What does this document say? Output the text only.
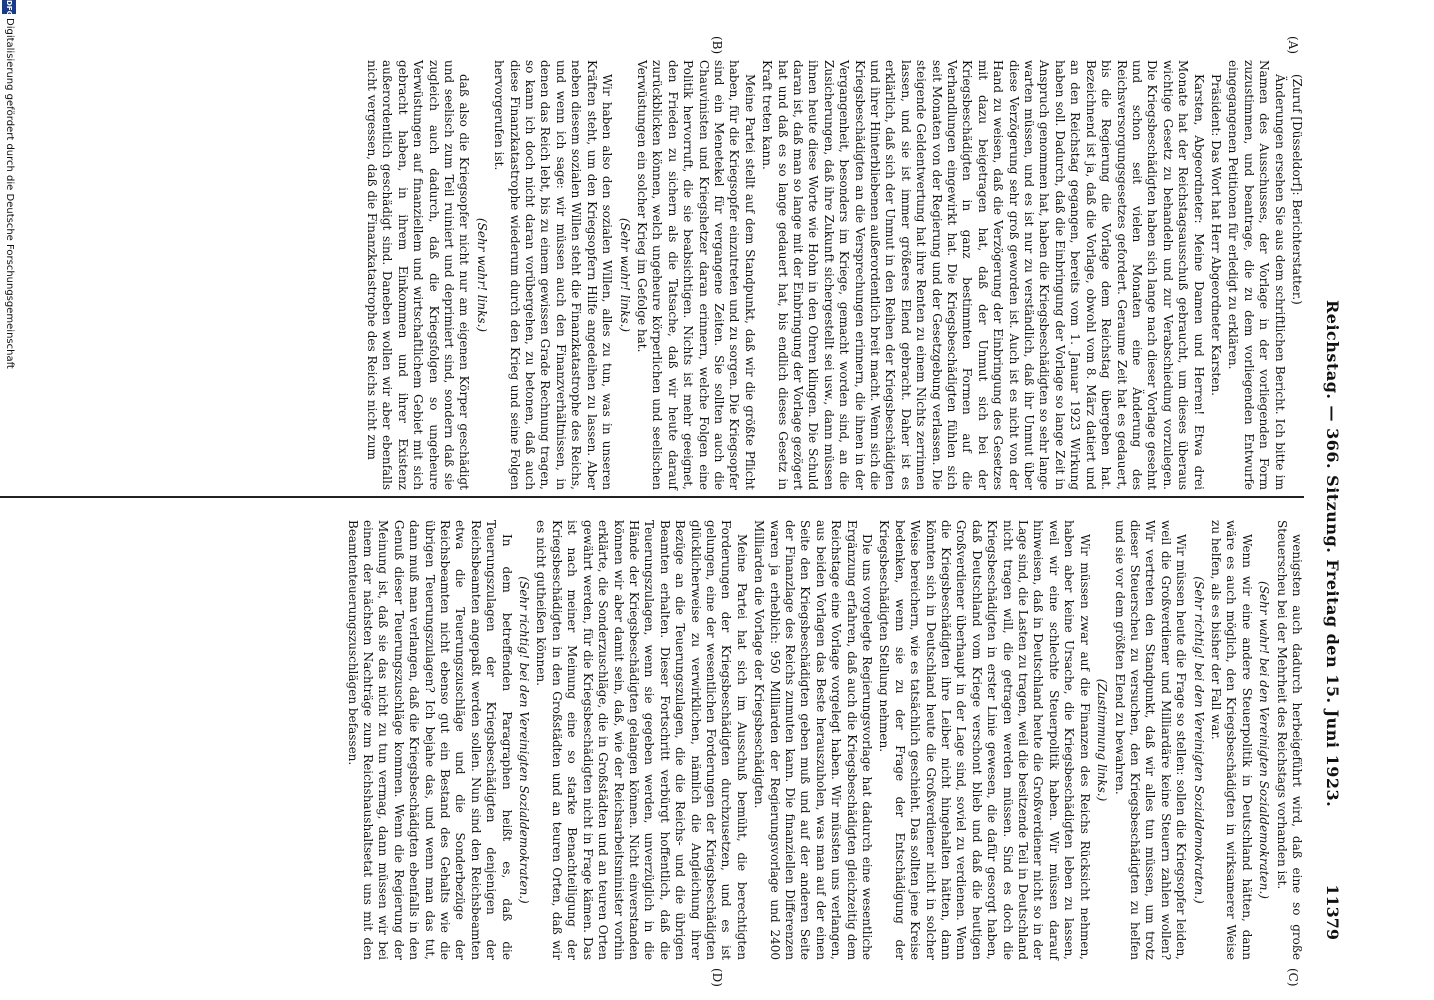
Reichstag. — 366. Sitzung. Freitag den 15. Juni 1923.
11379
(A)
(B)
(C)
(D)

(Zuruf [Düsseldorf]: Berichterstatter.)

Änderungen ersehen Sie aus dem schriftlichen Bericht. Ich bitte im Namen des Ausschusses, der Vorlage in der vorliegenden Form zuzustimmen, und beantrage, die zu dem vorliegenden Entwurfe eingegangenen Petitionen für erledigt zu erklären.

Präsident: Das Wort hat Herr Abgeordneter Karsten.

Karsten, Abgeordneter: Meine Damen und Herren! Etwa drei Monate hat der Reichstagsausschuß gebraucht, um dieses überaus wichtige Gesetz zu behandeln und zur Verabschiedung vorzulegen. Die Kriegsbeschädigten haben sich lange nach dieser Vorlage gesehnt und schon seit vielen Monaten eine Änderung des Reichsversorgungsgesetzes gefordert. Geraume Zeit hat es gedauert, bis die Regierung die Vorlage dem Reichstag übergeben hat. Bezeichnend ist ja, daß die Vorlage, obwohl vom 8. März datiert und an den Reichstag gegangen, bereits vom 1. Januar 1923 Wirkung haben soll. Dadurch, daß die Einbringung der Vorlage so lange Zeit in Anspruch genommen hat, haben die Kriegsbeschädigten so sehr lange warten müssen, und es ist nur zu verständlich, daß ihr Unmut über diese Verzögerung sehr groß geworden ist. Auch ist es nicht von der Hand zu weisen, daß die Verzögerung der Einbringung des Gesetzes mit dazu beigetragen hat, daß der Unmut sich bei der Kriegsbeschädigten in ganz bestimmten Formen auf die Verhandlungen eingewirkt hat. Die Kriegsbeschädigten fühlen sich seit Monaten von der Regierung und der Gesetzgebung verlassen. Die steigende Geldentwertung hat ihre Renten zu einem Nichts zerrinnen lassen, und sie ist immer größeres Elend gebracht. Daher ist es erklärlich, daß sich der Unmut in den Reihen der Kriegsbeschädigten und ihrer Hinterbliebenen außerordentlich breit macht. Wenn sich die Kriegsbeschädigten an die Versprechungen erinnern, die ihnen in der Vergangenheit, besonders im Kriege, gemacht worden sind, an die Zusicherungen, daß ihre Zukunft sichergestellt sei usw., dann müssen ihnen heute diese Worte wie Hohn in den Ohren klingen. Die Schuld daran ist, daß man so lange mit der Einbringung der Vorlage gezögert hat und daß es so lange gedauert hat, bis endlich dieses Gesetz in Kraft treten kann.

Meine Partei stellt auf dem Standpunkt, daß wir die größte Pflicht haben, für die Kriegsopfer einzutreten und zu sorgen. Die Kriegsopfer sind ein Menetekel für vergangene Zeiten. Sie sollten auch die Chauvinisten und Kriegshetzer daran erinnern, welche Folgen eine Politik hervorruft, die sie beabsichtigen. Nichts ist mehr geeignet, den Frieden zu sichern als die Tatsache, daß wir heute darauf zurückblicken können, welch ungeheure körperlichen und seelischen Verwüstungen ein solcher Krieg im Gefolge hat.

(Sehr wahr! links.)

Wir haben also den sozialen Willen, alles zu tun, was in unseren Kräften steht, um den Kriegsopfern Hilfe angedeihen zu lassen. Aber neben diesem sozialen Willen steht die Finanzkatastrophe des Reichs, und wenn ich sage: wir müssen auch den Finanzverhältnissen, in denen das Reich lebt, bis zu einem gewissen Grade Rechnung tragen, so kann ich doch nicht daran vorübergehen, zu betonen, daß auch diese Finanzkatastrophe wiederum durch den Krieg und seine Folgen hervorgerufen ist.

(Sehr wahr! links.)

daß also die Kriegsopfer nicht nur am eigenen Körper geschädigt und seelisch zum Teil ruiniert und deprimiert sind, sondern daß sie zugleich auch dadurch, daß die Kriegsfolgen so ungeheure Verwüstungen auf finanziellem und wirtschaftlichem Gebiet mit sich gebracht haben, in ihrem Einkommen und ihrer Existenz außerordentlich geschädigt sind. Daneben wollen wir aber ebenfalls nicht vergessen, daß die Finanzkatastrophe des Reichs nicht zum

wenigsten auch dadurch herbeigeführt wird, daß eine so große Steuerscheu bei der Mehrheit des Reichstags vorhanden ist.

(Sehr wahr! bei den Vereinigten Sozialdemokraten.)

Wenn wir eine andere Steuerpolitik in Deutschland hätten, dann wäre es auch möglich, den Kriegsbeschädigten in wirksamerer Weise zu helfen, als es bisher der Fall war.

(Sehr richtig! bei den Vereinigten Sozialdemokraten.)

Wir müssen heute die Frage so stellen: sollen die Kriegsopfer leiden, weil die Großverdiener und Milliardäre keine Steuern zahlen wollen? Wir vertreten den Standpunkt, daß wir alles tun müssen, um trotz dieser Steuerscheu zu versuchen, den Kriegsbeschädigten zu helfen und sie vor dem größten Elend zu bewahren.

(Zustimmung links.)

Wir müssen zwar auf die Finanzen des Reichs Rücksicht nehmen, haben aber keine Ursache, die Kriegsbeschädigten leben zu lassen, weil wir eine schlechte Steuerpolitik haben. Wir müssen darauf hinweisen, daß in Deutschland heute die Großverdiener nicht so in der Lage sind, die Lasten zu tragen, weil die besitzende Teil in Deutschland nicht tragen will, die getragen werden müssen. Sind es doch die Kriegsbeschädigten in erster Linie gewesen, die dafür gesorgt haben, daß Deutschland vom Kriege verschont blieb und daß die heutigen Großverdiener überhaupt in der Lage sind, soviel zu verdienen. Wenn die Kriegsbeschädigten ihre Leiber nicht hingehalten hätten, dann könnten sich in Deutschland heute die Großverdiener nicht in solcher Weise bereichern, wie es tatsächlich geschieht. Das sollten jene Kreise bedenken, wenn sie zu der Frage der Entschädigung der Kriegsbeschädigten Stellung nehmen.

Die uns vorgelegte Regierungsvorlage hat dadurch eine wesentliche Ergänzung erfahren, daß auch die Kriegsbeschädigten gleichzeitig dem Reichstage eine Vorlage vorgelegt haben. Wir müssten uns verlangen, aus beiden Vorlagen das Beste herauszuholen, was man auf der einen Seite den Kriegsbeschädigten geben muß und auf der anderen Seite der Finanzlage des Reichs zumuten kann. Die finanziellen Differenzen waren ja erheblich: 950 Milliarden der Regierungsvorlage und 2400 Milliarden die Vorlage der Kriegsbeschädigten.

Meine Partei hat sich im Ausschuß bemüht, die berechtigten Forderungen der Kriegsbeschädigten durchzusetzen, und es ist gelungen, eine der wesentlichen Forderungen der Kriegsbeschädigten glücklicherweise zu verwirklichen, nämlich die Angleichung ihrer Bezüge an die Teuerungszulagen, die die Reichs- und die übrigen Beamten erhalten. Dieser Fortschritt verbürgt hoffentlich, daß die Teuerungszulagen, wenn sie gegeben werden, unverzüglich in die Hände der Kriegsbeschädigten gelangen können. Nicht einverstanden können wir aber damit sein, daß, wie der Reichsarbeitsminister vorhin erklärte, die Sonderzuschläge, die in Großstädten und an teuren Orten gewährt werden, für die Kriegsbeschädigten nicht in Frage kämen. Das ist nach meiner Meinung eine so starke Benachteiligung der Kriegsbeschädigten in den Großstädten und an teuren Orten, daß wir es nicht gutheißen können.

(Sehr richtig! bei den Vereinigten Sozialdemokraten.)

In dem betreffenden Paragraphen heißt es, daß die Teuerungszulagen der Kriegsbeschädigten denjenigen der Reichsbeamten angepaßt werden sollen. Nun sind den Reichsbeamten etwa die Teuerungszuschläge und die Sonderbezüge der Reichsbeamten nicht ebenso gut ein Bestand des Gehalts wie die übrigen Teuerungszulagen? Ich bejahe das, und wenn man das tut, dann muß man verlangen, daß die Kriegsbeschädigten ebenfalls in den Genuß dieser Teuerungszuschläge kommen. Wenn die Regierung der Meinung ist, daß sie das nicht zu tun vermag, dann müssen wir bei einem der nächsten Nachträge zum Reichshaushaltsetat uns mit den Beamtenteuerungszuschlägen befassen.

DFG
Digitalisierung gefördert durch die Deutsche Forschungsgemeinschaft
